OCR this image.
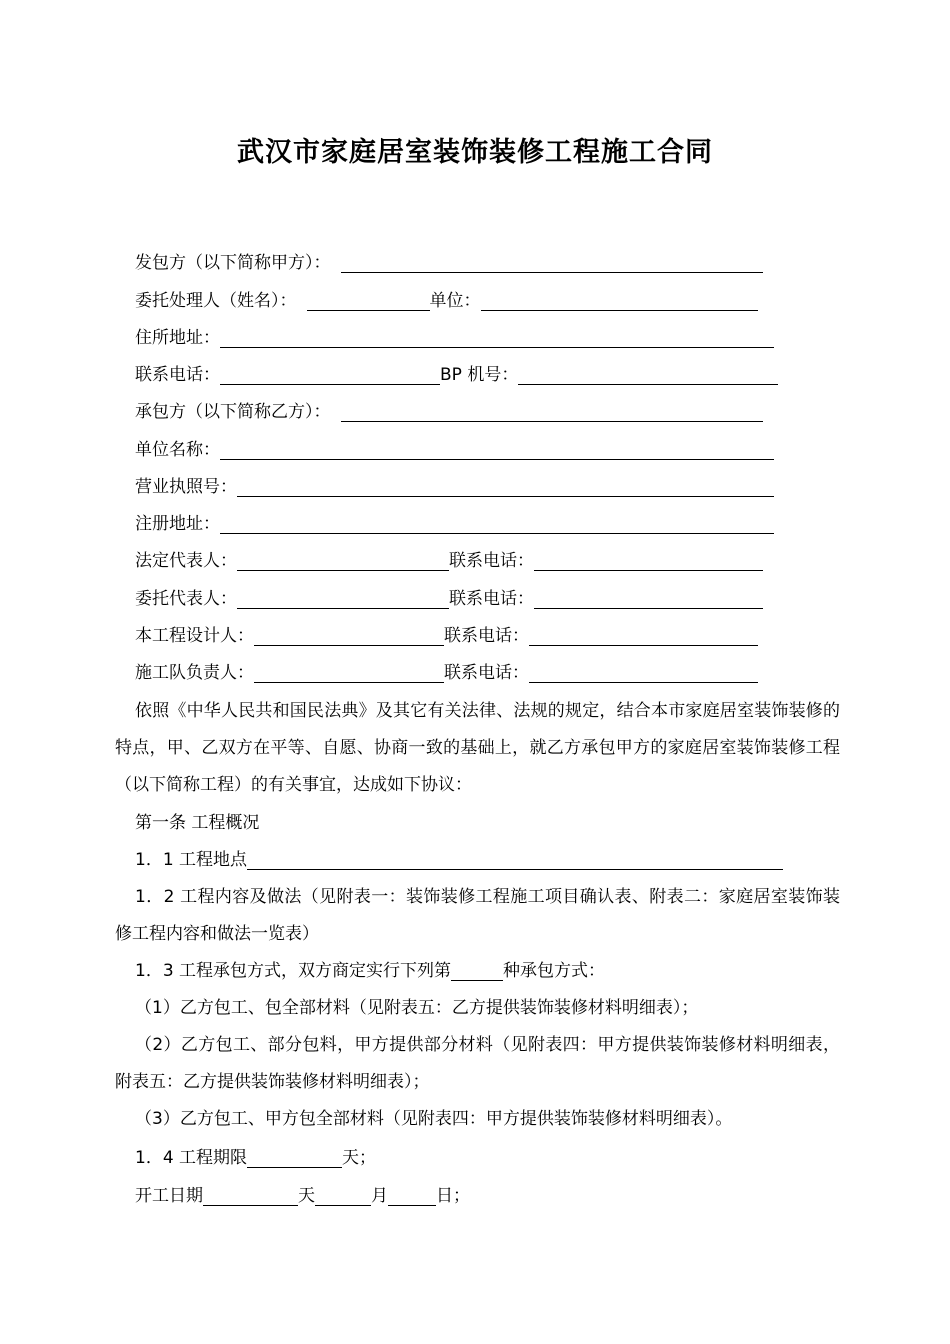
武汉市家庭居室装饰装修工程施工合同
发包方（以下简称甲方）：
委托处理人（姓名）：	单位：
住所地址：
联系电话：	BP 机号：
承包方（以下简称乙方）：
单位名称：
营业执照号：
注册地址：
法定代表人：	联系电话：
委托代表人：	联系电话：
本工程设计人：	联系电话：
施工队负责人：	联系电话：
依照《中华人民共和国民法典》及其它有关法律、法规的规定，结合本市家庭居室装饰装修的特点，甲、乙双方在平等、自愿、协商一致的基础上，就乙方承包甲方的家庭居室装饰装修工程（以下简称工程）的有关事宜，达成如下协议：
第一条 工程概况
1．1 工程地点
1．2 工程内容及做法（见附表一：装饰装修工程施工项目确认表、附表二：家庭居室装饰装修工程内容和做法一览表）
1．3 工程承包方式，双方商定实行下列第	种承包方式：
（1）乙方包工、包全部材料（见附表五：乙方提供装饰装修材料明细表）；
（2）乙方包工、部分包料，甲方提供部分材料（见附表四：甲方提供装饰装修材料明细表，附表五：乙方提供装饰装修材料明细表）；
（3）乙方包工、甲方包全部材料（见附表四：甲方提供装饰装修材料明细表）。
1．4 工程期限	天；
开工日期	天	月	日；
